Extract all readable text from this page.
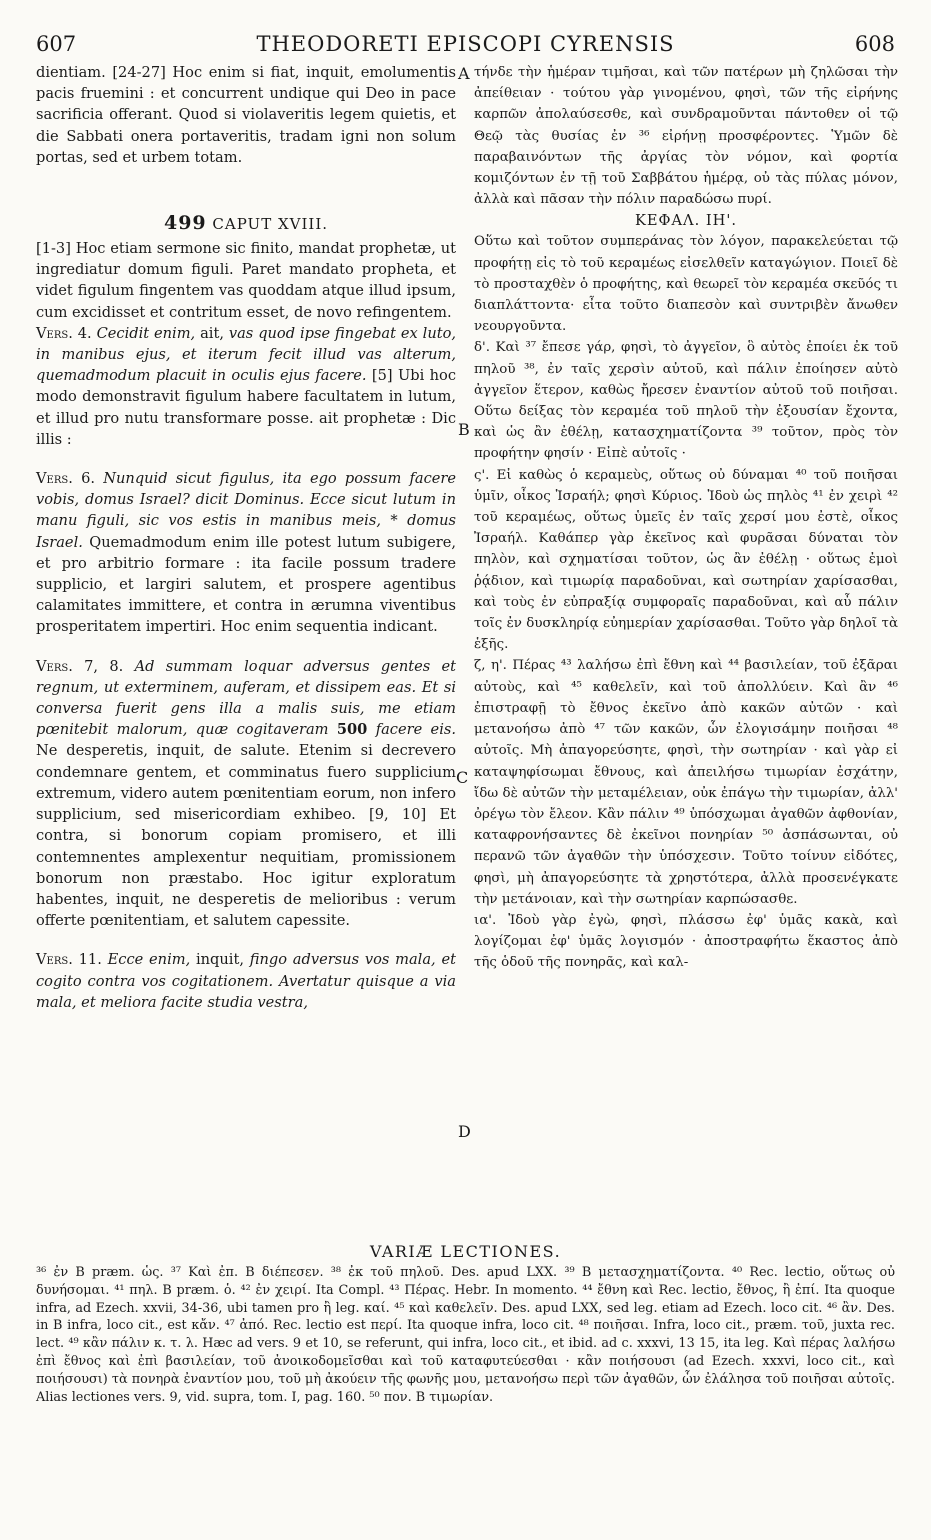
607	THEODORETI EPISCOPI CYRENSIS	608
A
B
C
D

dientiam. [24-27] Hoc enim si fiat, inquit, emolumentis pacis fruemini : et concurrent undique qui Deo in pace sacrificia offerant. Quod si violaveritis legem quietis, et die Sabbati onera portaveritis, tradam igni non solum portas, sed et urbem totam.

499 CAPUT XVIII.

[1-3] Hoc etiam sermone sic finito, mandat prophetæ, ut ingrediatur domum figuli. Paret mandato propheta, et videt figulum fingentem vas quoddam atque illud ipsum, cum excidisset et contritum esset, de novo refingentem.

Vers. 4. Cecidit enim, ait, vas quod ipse fingebat ex luto, in manibus ejus, et iterum fecit illud vas alterum, quemadmodum placuit in oculis ejus facere. [5] Ubi hoc modo demonstravit figulum habere facultatem in lutum, et illud pro nutu transformare posse. ait prophetæ : Dic illis :

Vers. 6. Nunquid sicut figulus, ita ego possum facere vobis, domus Israel? dicit Dominus. Ecce sicut lutum in manu figuli, sic vos estis in manibus meis, * domus Israel. Quemadmodum enim ille potest lutum subigere, et pro arbitrio formare : ita facile possum tradere supplicio, et largiri salutem, et prospere agentibus calamitates immittere, et contra in ærumna viventibus prosperitatem impertiri. Hoc enim sequentia indicant.

Vers. 7, 8. Ad summam loquar adversus gentes et regnum, ut exterminem, auferam, et dissipem eas. Et si conversa fuerit gens illa a malis suis, me etiam pœnitebit malorum, quæ cogitaveram 500 facere eis. Ne desperetis, inquit, de salute. Etenim si decrevero condemnare gentem, et comminatus fuero supplicium extremum, videro autem pœnitentiam eorum, non infero supplicium, sed misericordiam exhibeo. [9, 10] Et contra, si bonorum copiam promisero, et illi contemnentes amplexentur nequitiam, promissionem bonorum non præstabo. Hoc igitur exploratum habentes, inquit, ne desperetis de melioribus : verum offerte pœnitentiam, et salutem capessite.

Vers. 11. Ecce enim, inquit, fingo adversus vos mala, et cogito contra vos cogitationem. Avertatur quisque a via mala, et meliora facite studia vestra,

τήνδε τὴν ἡμέραν τιμῆσαι, καὶ τῶν πατέρων μὴ ζηλῶσαι τὴν ἀπείθειαν · τούτου γὰρ γινομένου, φησὶ, τῶν τῆς εἰρήνης καρπῶν ἀπολαύσεσθε, καὶ συνδραμοῦνται πάντοθεν οἱ τῷ Θεῷ τὰς θυσίας ἐν ³⁶ εἰρήνῃ προσφέροντες. Ὑμῶν δὲ παραβαινόντων τῆς ἀργίας τὸν νόμον, καὶ φορτία κομιζόντων ἐν τῇ τοῦ Σαββάτου ἡμέρᾳ, οὐ τὰς πύλας μόνον, ἀλλὰ καὶ πᾶσαν τὴν πόλιν παραδώσω πυρί.

ΚΕΦΑΛ. ΙΗ'.

Οὕτω καὶ τοῦτον συμπεράνας τὸν λόγον, παρακελεύεται τῷ προφήτῃ εἰς τὸ τοῦ κεραμέως εἰσελθεῖν καταγώγιον. Ποιεῖ δὲ τὸ προσταχθὲν ὁ προφήτης, καὶ θεωρεῖ τὸν κεραμέα σκεῦός τι διαπλάττοντα· εἶτα τοῦτο διαπεσὸν καὶ συντριβὲν ἄνωθεν νεουργοῦντα.

δ'. Καὶ ³⁷ ἔπεσε γάρ, φησὶ, τὸ ἀγγεῖον, ὃ αὐτὸς ἐποίει ἐκ τοῦ πηλοῦ ³⁸, ἐν ταῖς χερσὶν αὐτοῦ, καὶ πάλιν ἐποίησεν αὐτὸ ἀγγεῖον ἕτερον, καθὼς ἤρεσεν ἐναντίον αὐτοῦ τοῦ ποιῆσαι. Οὕτω δείξας τὸν κεραμέα τοῦ πηλοῦ τὴν ἐξουσίαν ἔχοντα, καὶ ὡς ἂν ἐθέλῃ, κατασχηματίζοντα ³⁹ τοῦτον, πρὸς τὸν προφήτην φησίν · Εἰπὲ αὐτοῖς ·

ς'. Εἰ καθὼς ὁ κεραμεὺς, οὕτως οὐ δύναμαι ⁴⁰ τοῦ ποιῆσαι ὑμῖν, οἶκος Ἰσραήλ; φησὶ Κύριος. Ἰδοὺ ὡς πηλὸς ⁴¹ ἐν χειρὶ ⁴² τοῦ κεραμέως, οὕτως ὑμεῖς ἐν ταῖς χερσί μου ἐστὲ, οἶκος Ἰσραήλ. Καθάπερ γὰρ ἐκεῖνος καὶ φυρᾶσαι δύναται τὸν πηλὸν, καὶ σχηματίσαι τοῦτον, ὡς ἂν ἐθέλῃ · οὕτως ἐμοὶ ῥᾴδιον, καὶ τιμωρίᾳ παραδοῦναι, καὶ σωτηρίαν χαρίσασθαι, καὶ τοὺς ἐν εὐπραξίᾳ συμφοραῖς παραδοῦναι, καὶ αὖ πάλιν τοῖς ἐν δυσκληρίᾳ εὐημερίαν χαρίσασθαι. Τοῦτο γὰρ δηλοῖ τὰ ἑξῆς.

ζ, η'. Πέρας ⁴³ λαλήσω ἐπὶ ἔθνη καὶ ⁴⁴ βασιλείαν, τοῦ ἐξᾶραι αὐτοὺς, καὶ ⁴⁵ καθελεῖν, καὶ τοῦ ἀπολλύειν. Καὶ ἂν ⁴⁶ ἐπιστραφῇ τὸ ἔθνος ἐκεῖνο ἀπὸ κακῶν αὐτῶν · καὶ μετανοήσω ἀπὸ ⁴⁷ τῶν κακῶν, ὧν ἐλογισάμην ποιῆσαι ⁴⁸ αὐτοῖς. Μὴ ἀπαγορεύσητε, φησὶ, τὴν σωτηρίαν · καὶ γὰρ εἰ καταψηφίσωμαι ἔθνους, καὶ ἀπειλήσω τιμωρίαν ἐσχάτην, ἴδω δὲ αὐτῶν τὴν μεταμέλειαν, οὐκ ἐπάγω τὴν τιμωρίαν, ἀλλ' ὀρέγω τὸν ἔλεον. Κἂν πάλιν ⁴⁹ ὑπόσχωμαι ἀγαθῶν ἀφθονίαν, καταφρονήσαντες δὲ ἐκεῖνοι πονηρίαν ⁵⁰ ἀσπάσωνται, οὐ περανῶ τῶν ἀγαθῶν τὴν ὑπόσχεσιν. Τοῦτο τοίνυν εἰδότες, φησὶ, μὴ ἀπαγορεύσητε τὰ χρηστότερα, ἀλλὰ προσενέγκατε τὴν μετάνοιαν, καὶ τὴν σωτηρίαν καρπώσασθε.

ια'. Ἰδοὺ γὰρ ἐγὼ, φησὶ, πλάσσω ἐφ' ὑμᾶς κακὰ, καὶ λογίζομαι ἐφ' ὑμᾶς λογισμόν · ἀποστραφήτω ἕκαστος ἀπὸ τῆς ὁδοῦ τῆς πονηρᾶς, καὶ καλ-

VARIÆ LECTIONES.
³⁶ ἐν B præm. ὡς. ³⁷ Καὶ ἐπ. B διέπεσεν. ³⁸ ἐκ τοῦ πηλοῦ. Des. apud LXX. ³⁹ B μετασχηματίζοντα. ⁴⁰ Rec. lectio, οὕτως οὐ δυνήσομαι. ⁴¹ πηλ. B præm. ὁ. ⁴² ἐν χειρί. Ita Compl. ⁴³ Πέρας. Hebr. In momento. ⁴⁴ ἔθνη καὶ Rec. lectio, ἔθνος, ἢ ἐπί. Ita quoque infra, ad Ezech. xxvii, 34-36, ubi tamen pro ἢ leg. καί. ⁴⁵ καὶ καθελεῖν. Des. apud LXX, sed leg. etiam ad Ezech. loco cit. ⁴⁶ ἂν. Des. in B infra, loco cit., est κἄν. ⁴⁷ ἀπό. Rec. lectio est περί. Ita quoque infra, loco cit. ⁴⁸ ποιῆσαι. Infra, loco cit., præm. τοῦ, juxta rec. lect. ⁴⁹ κἂν πάλιν κ. τ. λ. Hæc ad vers. 9 et 10, se referunt, qui infra, loco cit., et ibid. ad c. xxxvi, 13 15, ita leg. Καὶ πέρας λαλήσω ἐπὶ ἔθνος καὶ ἐπὶ βασιλείαν, τοῦ ἀνοικοδομεῖσθαι καὶ τοῦ καταφυτεύεσθαι · κἂν ποιήσουσι (ad Ezech. xxxvi, loco cit., καὶ ποιήσουσι) τὰ πονηρὰ ἐναντίον μου, τοῦ μὴ ἀκούειν τῆς φωνῆς μου, μετανοήσω περὶ τῶν ἀγαθῶν, ὧν ἐλάλησα τοῦ ποιῆσαι αὐτοῖς. Alias lectiones vers. 9, vid. supra, tom. I, pag. 160. ⁵⁰ πον. B τιμωρίαν.
